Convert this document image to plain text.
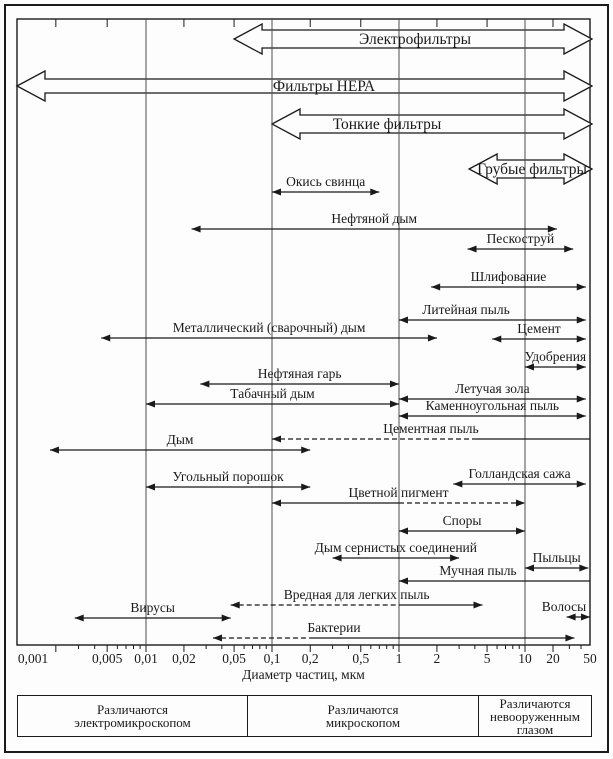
Электрофильтры
Фильтры НЕРА
Тонкие фильтры
Грубые фильтры
Окись свинца
Нефтяной дым
Пескоструй
Шлифование
Литейная пыль
Металлический (сварочный) дым	Цемент
Удобрения
Нефтяная гарь
Летучая зола
Табачный дым
Каменноугольная пыль
Цементная пыль
Дым
Голландская сажа
Угольный порошок
Цветной пигмент
Споры
Дым сернистых соединений
Пыльцы
Мучная пыль
Вредная для легких пыль
Вирусы	Волосы
Бактерии
0,001	0,005 0,01 0,02 0,05 0,1 0,2 0,5 1 2	5 10 20 50
Диаметр частиц, мкм
Различаются
электромикроскопом
Различаются
микроскопом
Различаются
невооруженным
глазом
